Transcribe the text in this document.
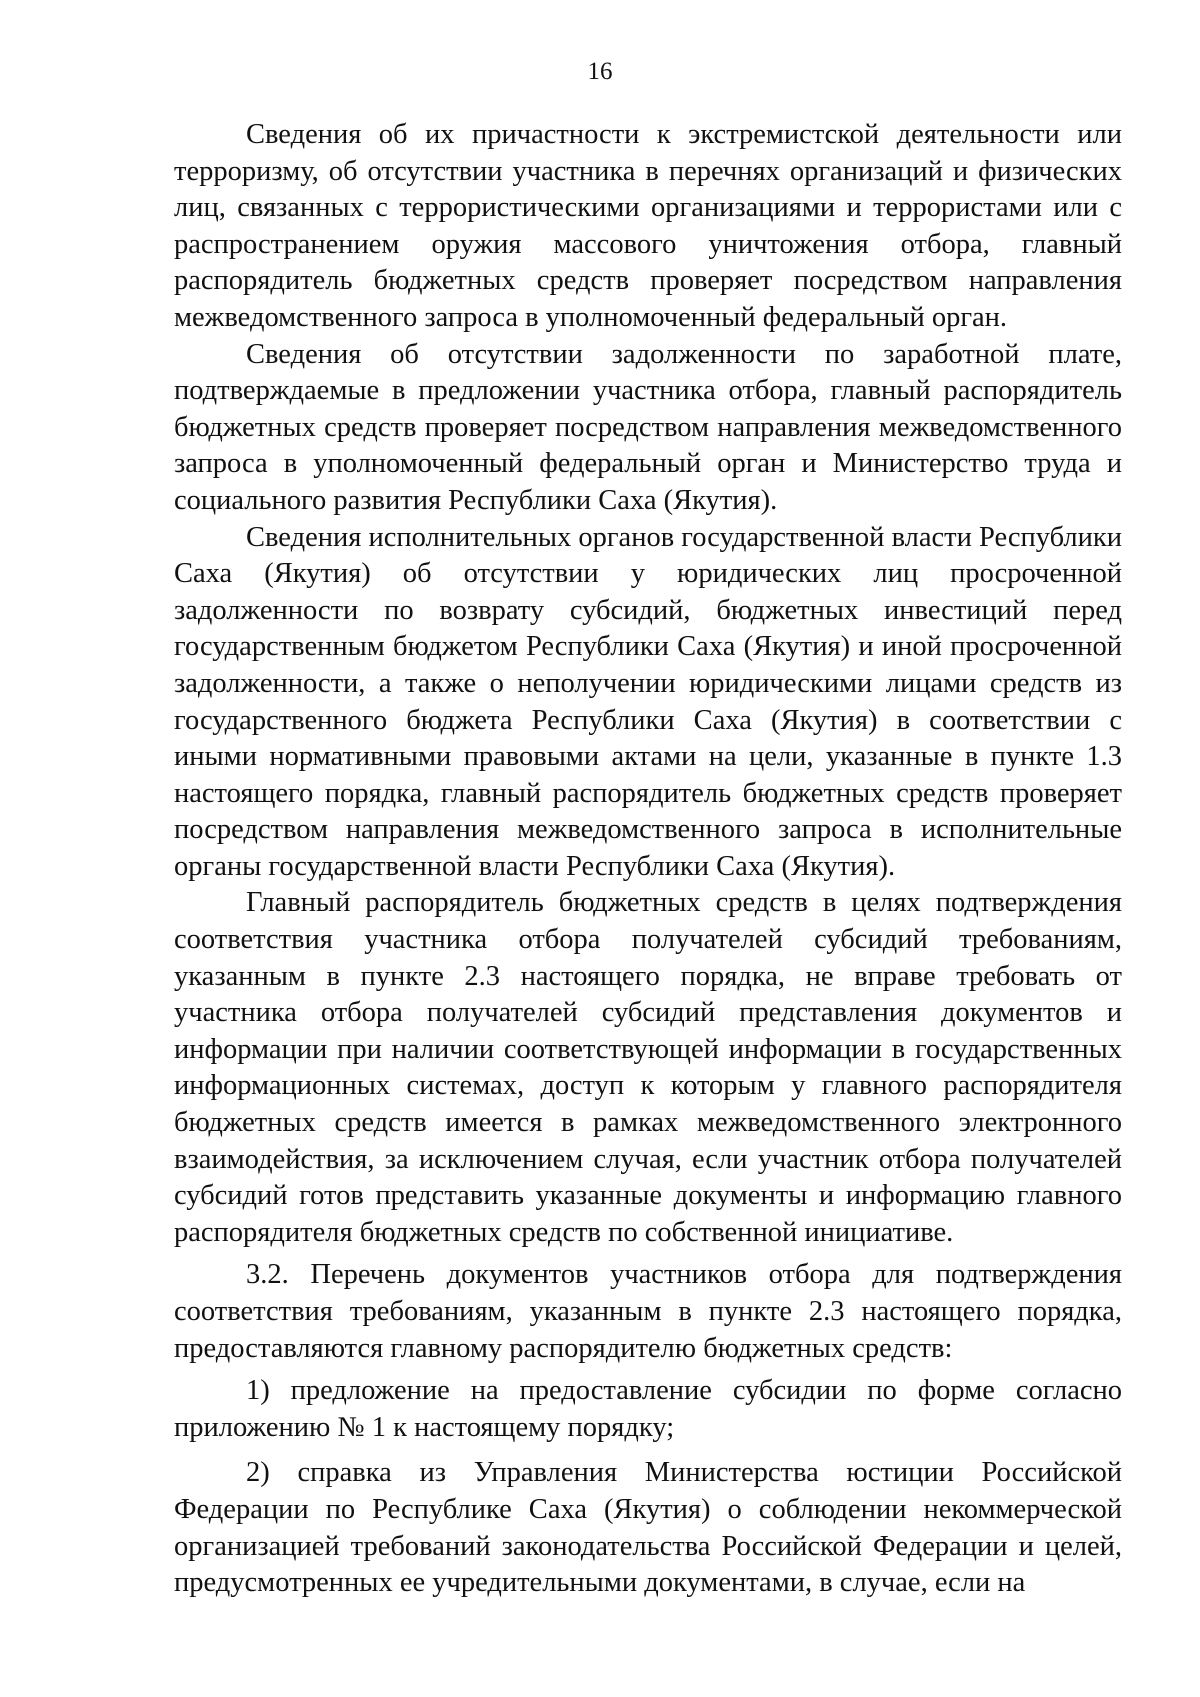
16

Сведения об их причастности к экстремистской деятельности или терроризму, об отсутствии участника в перечнях организаций и физических лиц, связанных с террористическими организациями и террористами или с распространением оружия массового уничтожения отбора, главный распорядитель бюджетных средств проверяет посредством направления межведомственного запроса в уполномоченный федеральный орган.

Сведения об отсутствии задолженности по заработной плате, подтверждаемые в предложении участника отбора, главный распорядитель бюджетных средств проверяет посредством направления межведомственного запроса в уполномоченный федеральный орган и Министерство труда и социального развития Республики Саха (Якутия).

Сведения исполнительных органов государственной власти Республики Саха (Якутия) об отсутствии у юридических лиц просроченной задолженности по возврату субсидий, бюджетных инвестиций перед государственным бюджетом Республики Саха (Якутия) и иной просроченной задолженности, а также о неполучении юридическими лицами средств из государственного бюджета Республики Саха (Якутия) в соответствии с иными нормативными правовыми актами на цели, указанные в пункте 1.3 настоящего порядка, главный распорядитель бюджетных средств проверяет посредством направления межведомственного запроса в исполнительные органы государственной власти Республики Саха (Якутия).

Главный распорядитель бюджетных средств в целях подтверждения соответствия участника отбора получателей субсидий требованиям, указанным в пункте 2.3 настоящего порядка, не вправе требовать от участника отбора получателей субсидий представления документов и информации при наличии соответствующей информации в государственных информационных системах, доступ к которым у главного распорядителя бюджетных средств имеется в рамках межведомственного электронного взаимодействия, за исключением случая, если участник отбора получателей субсидий готов представить указанные документы и информацию главного распорядителя бюджетных средств по собственной инициативе.

3.2. Перечень документов участников отбора для подтверждения соответствия требованиям, указанным в пункте 2.3 настоящего порядка, предоставляются главному распорядителю бюджетных средств:

1) предложение на предоставление субсидии по форме согласно приложению № 1 к настоящему порядку;

2) справка из Управления Министерства юстиции Российской Федерации по Республике Саха (Якутия) о соблюдении некоммерческой организацией требований законодательства Российской Федерации и целей, предусмотренных ее учредительными документами, в случае, если на
